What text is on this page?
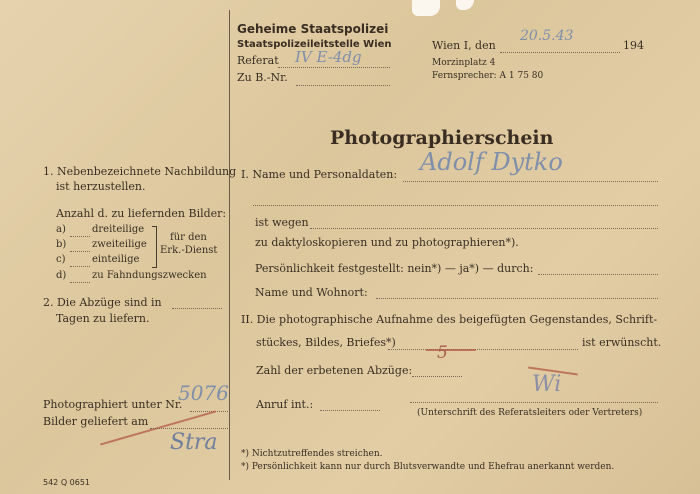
Geheime Staatspolizei
Staatspolizeileitstelle Wien
Referat IV E-4dg
Zu B.-Nr.
Wien I, den
20.5.43
194
Morzinplatz 4
Fernsprecher: A 1 75 80
Photographierschein
1. Nebenbezeichnete Nachbildung
ist herzustellen.
Anzahl d. zu liefernden Bilder:
a)	dreiteilige
b)	zweiteilige
c)	einteilige
für den
Erk.-Dienst
d)	zu Fahndungszwecken
2. Die Abzüge sind in
Tagen zu liefern.
Photographiert unter Nr.
5076
Bilder geliefert am
Stra
542 Q 0651
I. Name und Personaldaten: Adolf Dytko
ist wegen
zu daktyloskopieren und zu photographieren*).
Persönlichkeit festgestellt: nein*) — ja*) — durch:
Name und Wohnort:
II. Die photographische Aufnahme des beigefügten Gegenstandes, Schrift-
stückes, Bildes, Briefes*)	ist erwünscht.
5
Zahl der erbetenen Abzüge:
Anruf int.:
Wi
(Unterschrift des Referatsleiters oder Vertreters)
*) Nichtzutreffendes streichen.
*) Persönlichkeit kann nur durch Blutsverwandte und Ehefrau anerkannt werden.
